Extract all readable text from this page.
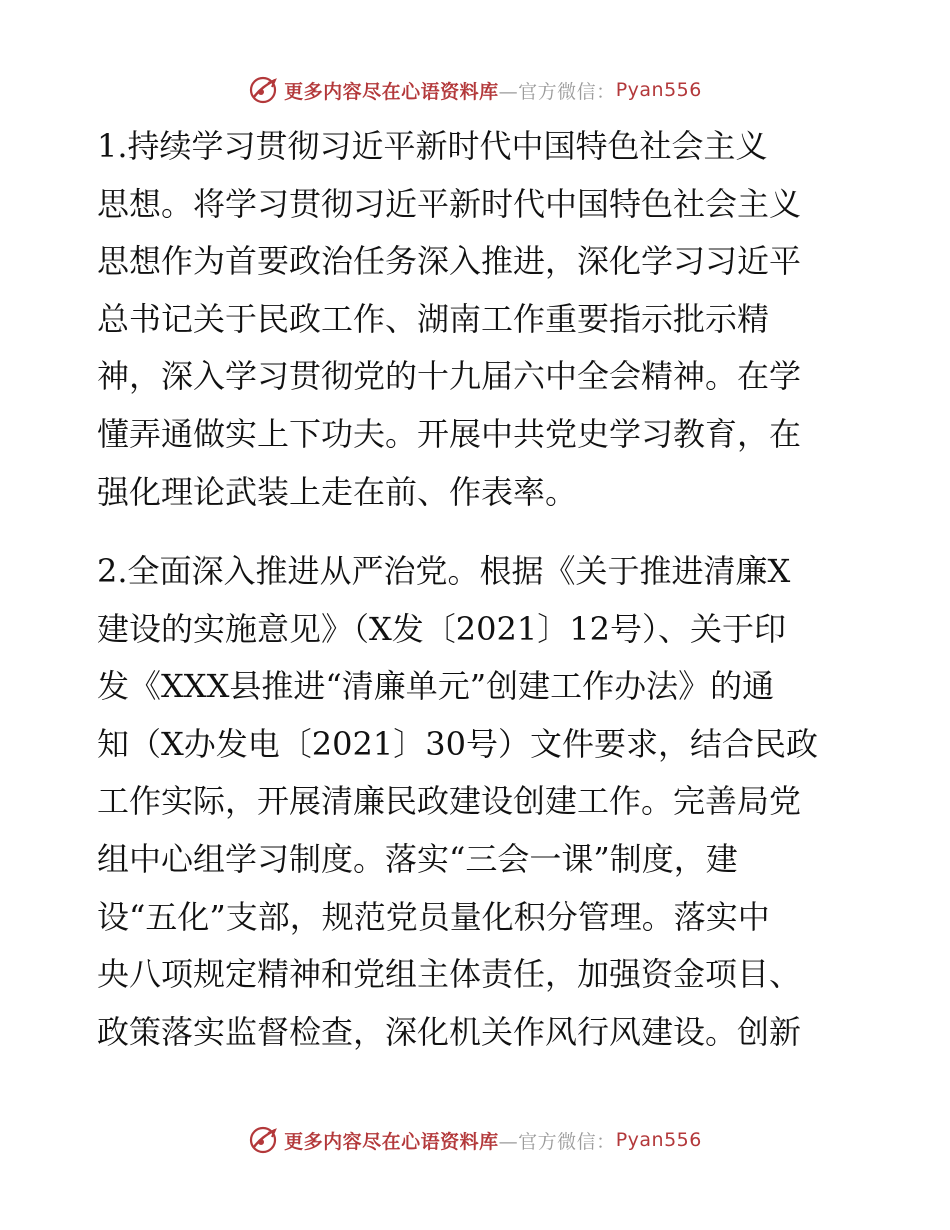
更多内容尽在心语资料库 —官方微信： Pyan556
1.持续学习贯彻习近平新时代中国特色社会主义
思想。将学习贯彻习近平新时代中国特色社会主义
思想作为首要政治任务深入推进，深化学习习近平
总书记关于民政工作、湖南工作重要指示批示精
神，深入学习贯彻党的十九届六中全会精神。在学
懂弄通做实上下功夫。开展中共党史学习教育，在
强化理论武装上走在前、作表率。
2.全面深入推进从严治党。根据《关于推进清廉X
建设的实施意见》（X发〔2021〕12号）、关于印
发《XXX县推进“清廉单元”创建工作办法》的通
知（X办发电〔2021〕30号）文件要求，结合民政
工作实际，开展清廉民政建设创建工作。完善局党
组中心组学习制度。落实“三会一课”制度，建
设“五化”支部，规范党员量化积分管理。落实中
央八项规定精神和党组主体责任，加强资金项目、
政策落实监督检查，深化机关作风行风建设。创新
更多内容尽在心语资料库 —官方微信： Pyan556
